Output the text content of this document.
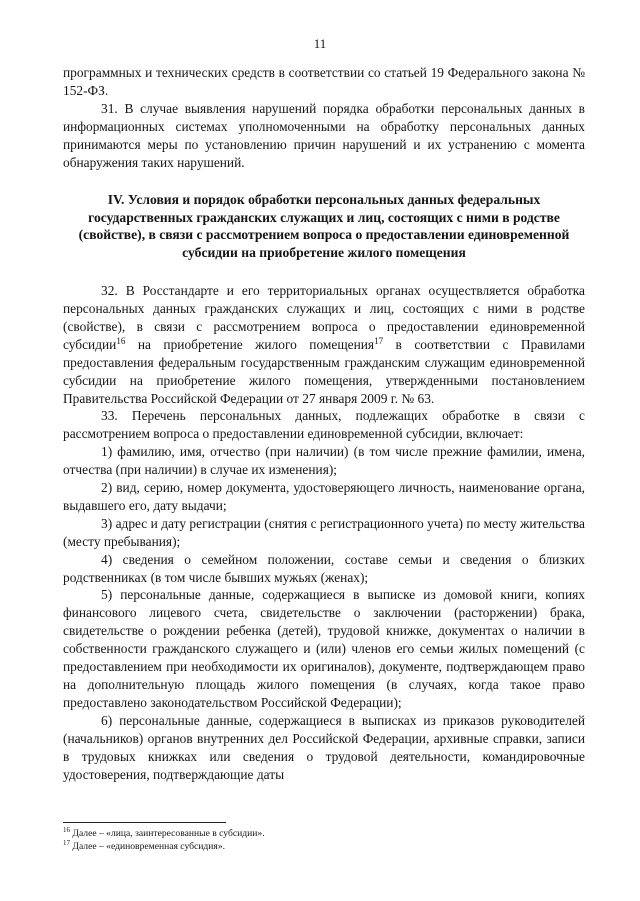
11

программных и технических средств в соответствии со статьей 19 Федерального закона № 152-ФЗ.

31. В случае выявления нарушений порядка обработки персональных данных в информационных системах уполномоченными на обработку персональных данных принимаются меры по установлению причин нарушений и их устранению с момента обнаружения таких нарушений.

IV. Условия и порядок обработки персональных данных федеральных государственных гражданских служащих и лиц, состоящих с ними в родстве (свойстве), в связи с рассмотрением вопроса о предоставлении единовременной субсидии на приобретение жилого помещения

32. В Росстандарте и его территориальных органах осуществляется обработка персональных данных гражданских служащих и лиц, состоящих с ними в родстве (свойстве), в связи с рассмотрением вопроса о предоставлении единовременной субсидии$^{16}$ на приобретение жилого помещения$^{17}$ в соответствии с Правилами предоставления федеральным государственным гражданским служащим единовременной субсидии на приобретение жилого помещения, утвержденными постановлением Правительства Российской Федерации от 27 января 2009 г. № 63.

33. Перечень персональных данных, подлежащих обработке в связи с рассмотрением вопроса о предоставлении единовременной субсидии, включает:

1) фамилию, имя, отчество (при наличии) (в том числе прежние фамилии, имена, отчества (при наличии) в случае их изменения);

2) вид, серию, номер документа, удостоверяющего личность, наименование органа, выдавшего его, дату выдачи;

3) адрес и дату регистрации (снятия с регистрационного учета) по месту жительства (месту пребывания);

4) сведения о семейном положении, составе семьи и сведения о близких родственниках (в том числе бывших мужьях (женах);

5) персональные данные, содержащиеся в выписке из домовой книги, копиях финансового лицевого счета, свидетельстве о заключении (расторжении) брака, свидетельстве о рождении ребенка (детей), трудовой книжке, документах о наличии в собственности гражданского служащего и (или) членов его семьи жилых помещений (с предоставлением при необходимости их оригиналов), документе, подтверждающем право на дополнительную площадь жилого помещения (в случаях, когда такое право предоставлено законодательством Российской Федерации);

6) персональные данные, содержащиеся в выписках из приказов руководителей (начальников) органов внутренних дел Российской Федерации, архивные справки, записи в трудовых книжках или сведения о трудовой деятельности, командировочные удостоверения, подтверждающие даты

$^{16}$ Далее – «лица, заинтересованные в субсидии».
$^{17}$ Далее – «единовременная субсидия».
